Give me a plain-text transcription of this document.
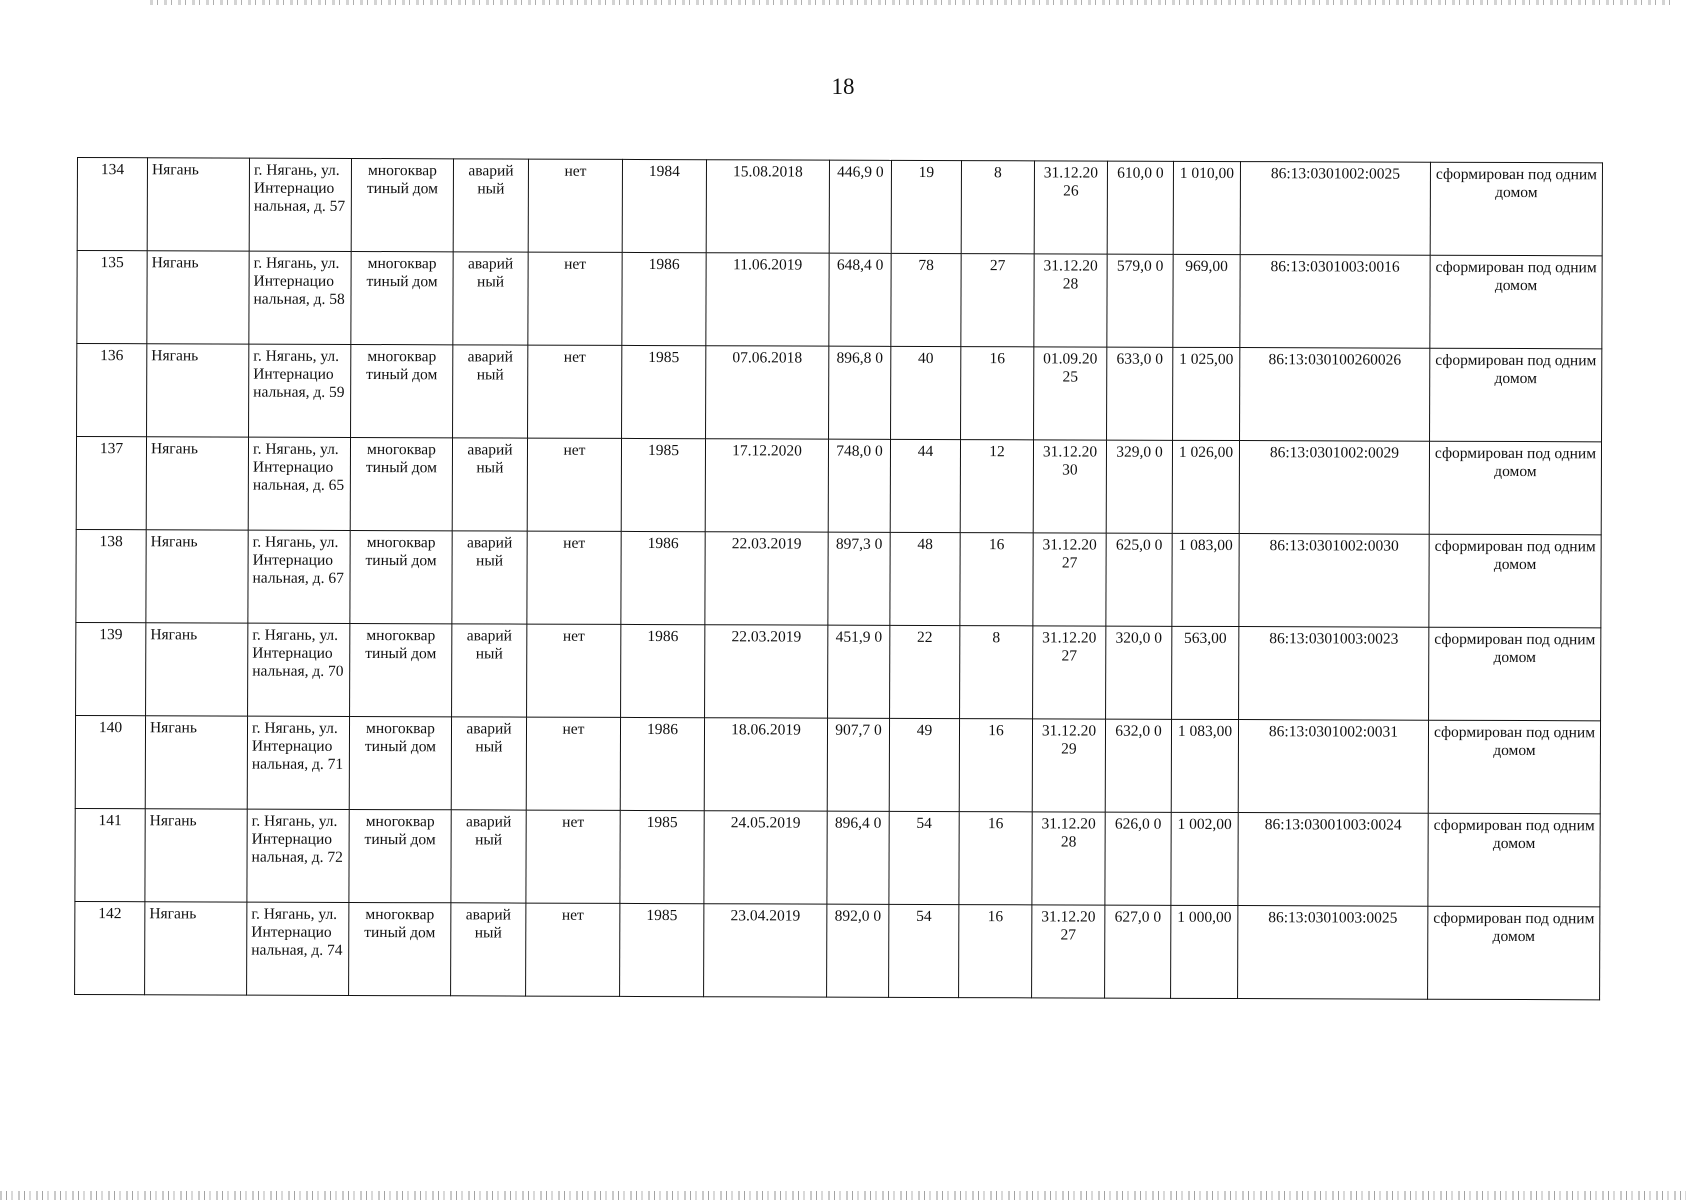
18
134	Нягань	г. Нягань, ул. Интернацио нальная, д. 57	многоквар тиный дом	аварий ный	нет	1984	15.08.2018	446,9 0	19	8	31.12.20 26	610,0 0	1 010,00	86:13:0301002:0025	сформирован под одним домом
135	Нягань	г. Нягань, ул. Интернацио нальная, д. 58	многоквар тиный дом	аварий ный	нет	1986	11.06.2019	648,4 0	78	27	31.12.20 28	579,0 0	969,00	86:13:0301003:0016	сформирован под одним домом
136	Нягань	г. Нягань, ул. Интернацио нальная, д. 59	многоквар тиный дом	аварий ный	нет	1985	07.06.2018	896,8 0	40	16	01.09.20 25	633,0 0	1 025,00	86:13:030100260026	сформирован под одним домом
137	Нягань	г. Нягань, ул. Интернацио нальная, д. 65	многоквар тиный дом	аварий ный	нет	1985	17.12.2020	748,0 0	44	12	31.12.20 30	329,0 0	1 026,00	86:13:0301002:0029	сформирован под одним домом
138	Нягань	г. Нягань, ул. Интернацио нальная, д. 67	многоквар тиный дом	аварий ный	нет	1986	22.03.2019	897,3 0	48	16	31.12.20 27	625,0 0	1 083,00	86:13:0301002:0030	сформирован под одним домом
139	Нягань	г. Нягань, ул. Интернацио нальная, д. 70	многоквар тиный дом	аварий ный	нет	1986	22.03.2019	451,9 0	22	8	31.12.20 27	320,0 0	563,00	86:13:0301003:0023	сформирован под одним домом
140	Нягань	г. Нягань, ул. Интернацио нальная, д. 71	многоквар тиный дом	аварий ный	нет	1986	18.06.2019	907,7 0	49	16	31.12.20 29	632,0 0	1 083,00	86:13:0301002:0031	сформирован под одним домом
141	Нягань	г. Нягань, ул. Интернацио нальная, д. 72	многоквар тиный дом	аварий ный	нет	1985	24.05.2019	896,4 0	54	16	31.12.20 28	626,0 0	1 002,00	86:13:03001003:0024	сформирован под одним домом
142	Нягань	г. Нягань, ул. Интернацио нальная, д. 74	многоквар тиный дом	аварий ный	нет	1985	23.04.2019	892,0 0	54	16	31.12.20 27	627,0 0	1 000,00	86:13:0301003:0025	сформирован под одним домом
